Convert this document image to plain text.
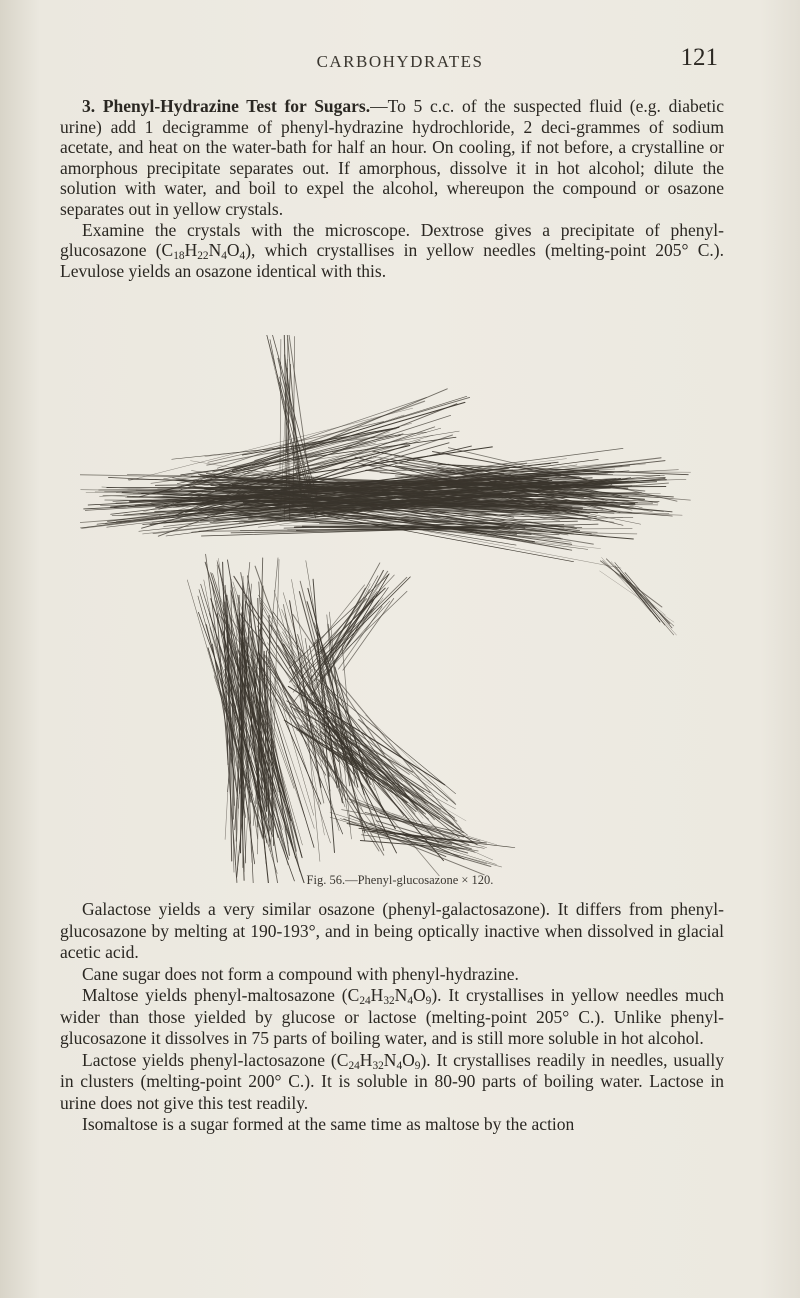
CARBOHYDRATES	121

3. Phenyl-Hydrazine Test for Sugars.—To 5 c.c. of the suspected fluid (e.g. diabetic urine) add 1 decigramme of phenyl-hydrazine hydrochloride, 2 deci-grammes of sodium acetate, and heat on the water-bath for half an hour. On cooling, if not before, a crystalline or amorphous precipitate separates out. If amorphous, dissolve it in hot alcohol; dilute the solution with water, and boil to expel the alcohol, whereupon the compound or osazone separates out in yellow crystals.

Examine the crystals with the microscope. Dextrose gives a precipitate of phenyl-glucosazone $(C_{18}H_{22}N_4O_4)$, which crystallises in yellow needles (melting-point 205° C.). Levulose yields an osazone identical with this.

Fig. 56.—Phenyl-glucosazone × 120.

Galactose yields a very similar osazone (phenyl-galactosazone). It differs from phenyl-glucosazone by melting at 190-193°, and in being optically inactive when dissolved in glacial acetic acid.

Cane sugar does not form a compound with phenyl-hydrazine.

Maltose yields phenyl-maltosazone $(C_{24}H_{32}N_4O_9)$. It crystallises in yellow needles much wider than those yielded by glucose or lactose (melting-point 205° C.). Unlike phenyl-glucosazone it dissolves in 75 parts of boiling water, and is still more soluble in hot alcohol.

Lactose yields phenyl-lactosazone $(C_{24}H_{32}N_4O_9)$. It crystallises readily in needles, usually in clusters (melting-point 200° C.). It is soluble in 80-90 parts of boiling water. Lactose in urine does not give this test readily.

Isomaltose is a sugar formed at the same time as maltose by the action
